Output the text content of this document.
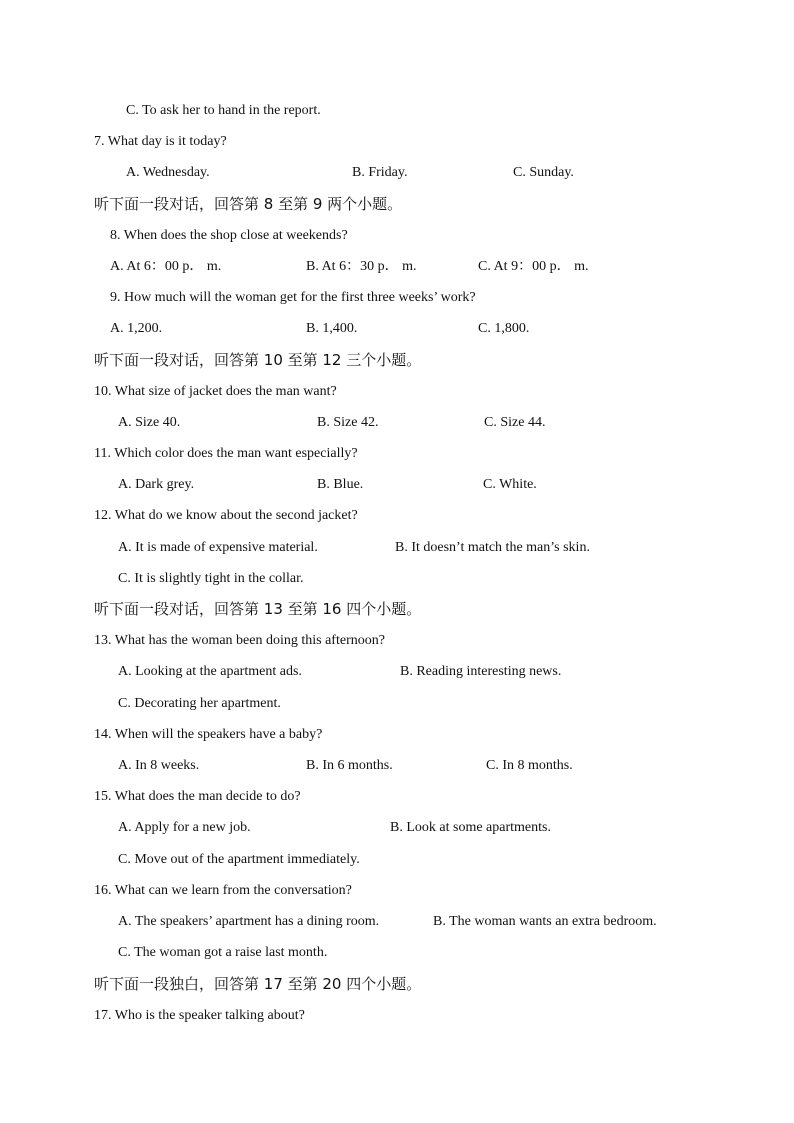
C. To ask her to hand in the report.
7. What day is it today?
A. Wednesday.	B. Friday.	C. Sunday.
听下面一段对话，回答第 8 至第 9 两个小题。
8. When does the shop close at weekends?
A. At 6：00 p． m.	B. At 6：30 p． m.	C. At 9：00 p． m.
9. How much will the woman get for the first three weeks’ work?
A. 1,200.	B. 1,400.	C. 1,800.
听下面一段对话，回答第 10 至第 12 三个小题。
10. What size of jacket does the man want?
A. Size 40.	B. Size 42.	C. Size 44.
11. Which color does the man want especially?
A. Dark grey.	B. Blue.	C. White.
12. What do we know about the second jacket?
A. It is made of expensive material.	B. It doesn’t match the man’s skin.
C. It is slightly tight in the collar.
听下面一段对话，回答第 13 至第 16 四个小题。
13. What has the woman been doing this afternoon?
A. Looking at the apartment ads.	B. Reading interesting news.
C. Decorating her apartment.
14. When will the speakers have a baby?
A. In 8 weeks.	B. In 6 months.	C. In 8 months.
15. What does the man decide to do?
A. Apply for a new job.	B. Look at some apartments.
C. Move out of the apartment immediately.
16. What can we learn from the conversation?
A. The speakers’ apartment has a dining room.	B. The woman wants an extra bedroom.
C. The woman got a raise last month.
听下面一段独白，回答第 17 至第 20 四个小题。
17. Who is the speaker talking about?
